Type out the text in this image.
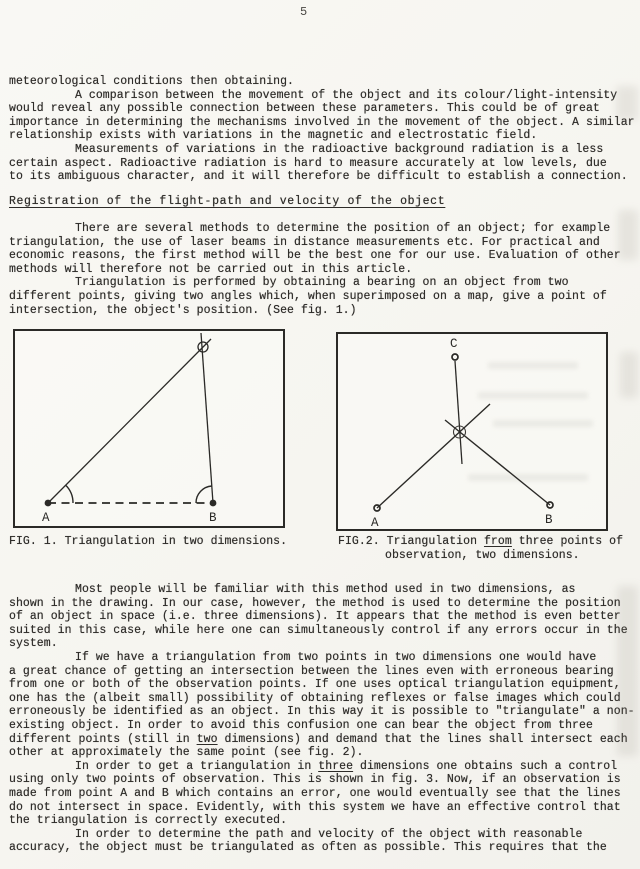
5
meteorological conditions then obtaining.
A comparison between the movement of the object and its colour/light-intensity
would reveal any possible connection between these parameters. This could be of great
importance in determining the mechanisms involved in the movement of the object. A similar
relationship exists with variations in the magnetic and electrostatic field.
Measurements of variations in the radioactive background radiation is a less
certain aspect. Radioactive radiation is hard to measure accurately at low levels, due
to its ambiguous character, and it will therefore be difficult to establish a connection.
Registration of the flight-path and velocity of the object
There are several methods to determine the position of an object; for example
triangulation, the use of laser beams in distance measurements etc. For practical and
economic reasons, the first method will be the best one for our use. Evaluation of other
methods will therefore not be carried out in this article.
Triangulation is performed by obtaining a bearing on an object from two
different points, giving two angles which, when superimposed on a map, give a point of
intersection, the object's position. (See fig. 1.)
A	B
FIG. 1. Triangulation in two dimensions.
A	B
C
FIG.2. Triangulation from three points of
observation, two dimensions.
Most people will be familiar with this method used in two dimensions, as
shown in the drawing. In our case, however, the method is used to determine the position
of an object in space (i.e. three dimensions). It appears that the method is even better
suited in this case, while here one can simultaneously control if any errors occur in the
system.
If we have a triangulation from two points in two dimensions one would have
a great chance of getting an intersection between the lines even with erroneous bearing
from one or both of the observation points. If one uses optical triangulation equipment,
one has the (albeit small) possibility of obtaining reflexes or false images which could
erroneously be identified as an object. In this way it is possible to "triangulate" a non-
existing object. In order to avoid this confusion one can bear the object from three
different points (still in two dimensions) and demand that the lines shall intersect each
other at approximately the same point (see fig. 2).
In order to get a triangulation in three dimensions one obtains such a control
using only two points of observation. This is shown in fig. 3. Now, if an observation is
made from point A and B which contains an error, one would eventually see that the lines
do not intersect in space. Evidently, with this system we have an effective control that
the triangulation is correctly executed.
In order to determine the path and velocity of the object with reasonable
accuracy, the object must be triangulated as often as possible. This requires that the
